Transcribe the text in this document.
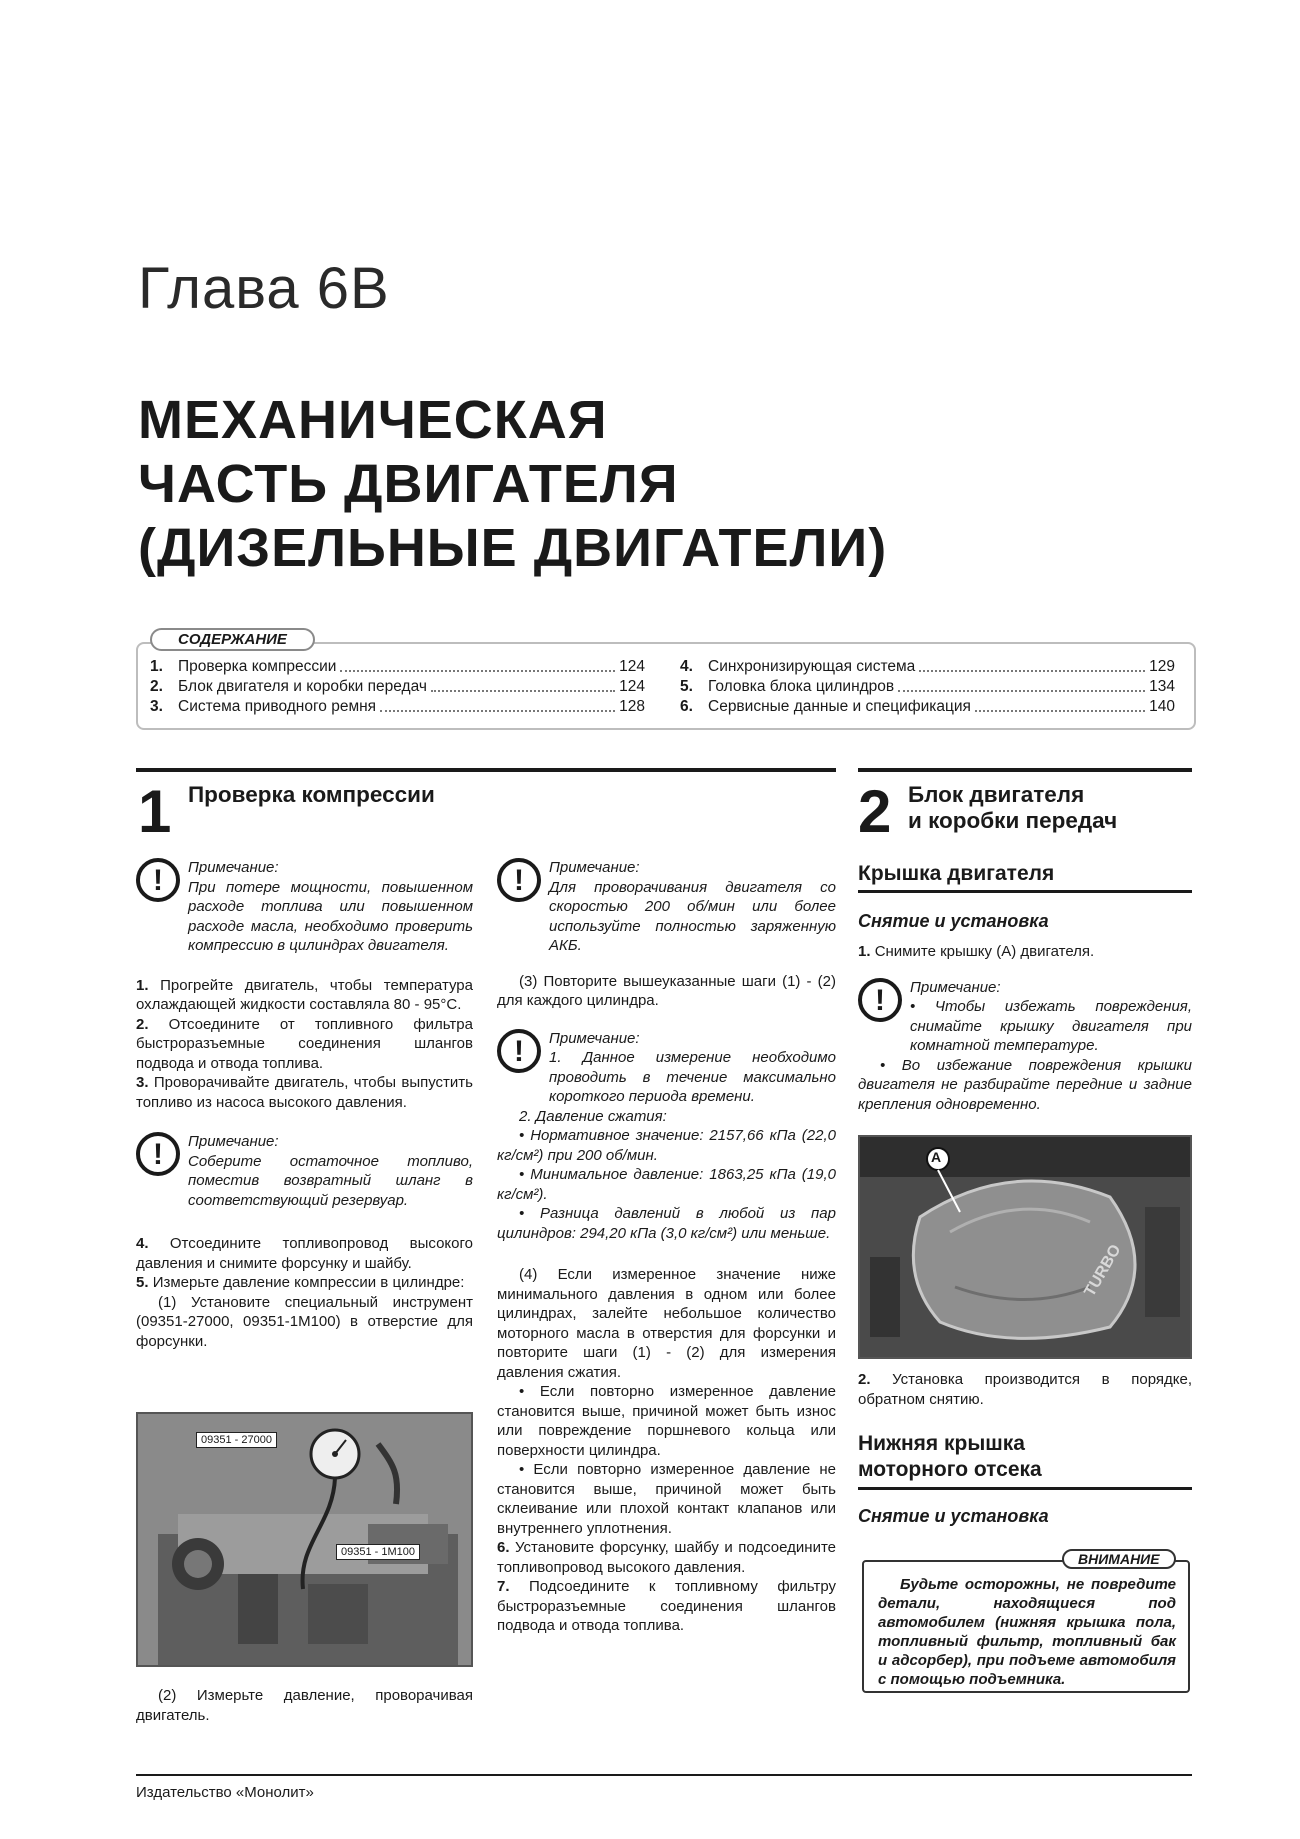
Глава 6В
МЕХАНИЧЕСКАЯ
ЧАСТЬ ДВИГАТЕЛЯ
(ДИЗЕЛЬНЫЕ ДВИГАТЕЛИ)
СОДЕРЖАНИЕ
1. Проверка компрессии	124
2. Блок двигателя и коробки передач	124
3. Система приводного ремня	128
4. Синхронизирующая система	129
5. Головка блока цилиндров	134
6. Сервисные данные и спецификация	140
1 Проверка компрессии	2 Блок двигателя
и коробки передач
!	Примечание:
При потере мощности, повышенном расходе топлива или повышенном расходе масла, необходимо проверить компрессию в цилиндрах двигателя.

1. Прогрейте двигатель, чтобы температура охлаждающей жидкости составляла 80 - 95°С.

2. Отсоедините от топливного фильтра быстроразъемные соединения шлангов подвода и отвода топлива.

3. Проворачивайте двигатель, чтобы выпустить топливо из насоса высокого давления.

!	Примечание:
Соберите остаточное топливо, поместив возвратный шланг в соответствующий резервуар.

4. Отсоедините топливопровод высокого давления и снимите форсунку и шайбу.

5. Измерьте давление компрессии в цилиндре:

(1) Установите специальный инструмент (09351-27000, 09351-1М100) в отверстие для форсунки.

09351 - 27000
09351 - 1M100

(2) Измерьте давление, проворачивая двигатель.

!	Примечание:
Для проворачивания двигателя со скоростью 200 об/мин или более используйте полностью заряженную АКБ.

(3) Повторите вышеуказанные шаги (1) - (2) для каждого цилиндра.

!	Примечание:
1. Данное измерение необходимо проводить в течение максимально короткого периода времени.
2. Давление сжатия:
• Нормативное значение: 2157,66 кПа (22,0 кг/см²) при 200 об/мин.
• Минимальное давление: 1863,25 кПа (19,0 кг/см²).
• Разница давлений в любой из пар цилиндров: 294,20 кПа (3,0 кг/см²) или меньше.

(4) Если измеренное значение ниже минимального давления в одном или более цилиндрах, залейте небольшое количество моторного масла в отверстия для форсунки и повторите шаги (1) - (2) для измерения давления сжатия.

• Если повторно измеренное давление становится выше, причиной может быть износ или повреждение поршневого кольца или поверхности цилиндра.

• Если повторно измеренное давление не становится выше, причиной может быть склеивание или плохой контакт клапанов или внутреннего уплотнения.

6. Установите форсунку, шайбу и подсоедините топливопровод высокого давления.

7. Подсоедините к топливному фильтру быстроразъемные соединения шлангов подвода и отвода топлива.

Крышка двигателя
Снятие и установка

1. Снимите крышку (А) двигателя.

!	Примечание:
• Чтобы избежать повреждения, снимайте крышку двигателя при комнатной температуре.
• Во избежание повреждения крышки двигателя не разбирайте передние и задние крепления одновременно.
A
TURBO

2. Установка производится в порядке, обратном снятию.

Нижняя крышка
моторного отсека
Снятие и установка
ВНИМАНИЕ
Будьте осторожны, не повредите детали, находящиеся под автомобилем (нижняя крышка пола, топливный фильтр, топливный бак и адсорбер), при подъеме автомобиля с помощью подъемника.
Издательство «Монолит»
